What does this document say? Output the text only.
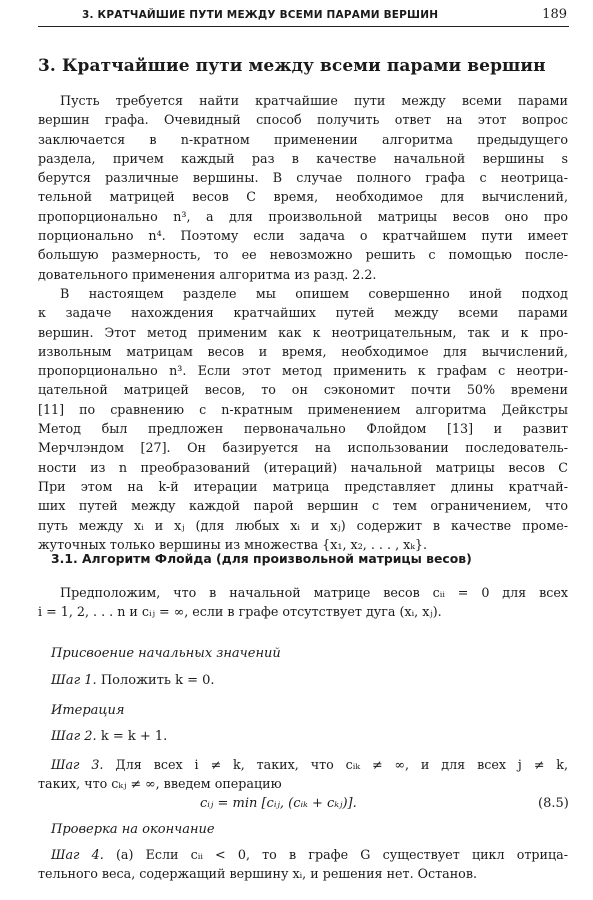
3. КРАТЧАЙШИЕ ПУТИ МЕЖДУ ВСЕМИ ПАРАМИ ВЕРШИН	189
3. Кратчайшие пути между всеми парами вершин

Пусть требуется найти кратчайшие пути между всеми парами
вершин графа. Очевидный способ получить ответ на этот вопрос
заключается в n-кратном применении алгоритма предыдущего
раздела, причем каждый раз в качестве начальной вершины s
берутся различные вершины. В случае полного графа с неотрица-
тельной матрицей весов C время, необходимое для вычислений,
пропорционально n³, а для произвольной матрицы весов оно про
порционально n⁴. Поэтому если задача о кратчайшем пути имеет
большую размерность, то ее невозможно решить с помощью после-
довательного применения алгоритма из разд. 2.2.

В настоящем разделе мы опишем совершенно иной подход
к задаче нахождения кратчайших путей между всеми парами
вершин. Этот метод применим как к неотрицательным, так и к про-
извольным матрицам весов и время, необходимое для вычислений,
пропорционально n³. Если этот метод применить к графам с неотри-
цательной матрицей весов, то он сэкономит почти 50% времени
[11] по сравнению с n-кратным применением алгоритма Дейкстры
Метод был предложен первоначально Флойдом [13] и развит
Мерчлэндом [27]. Он базируется на использовании последователь-
ности из n преобразований (итераций) начальной матрицы весов C
При этом на k-й итерации матрица представляет длины кратчай-
ших путей между каждой парой вершин с тем ограничением, что
путь между xᵢ и xⱼ (для любых xᵢ и xⱼ) содержит в качестве проме-
жуточных только вершины из множества {x₁, x₂, . . . , xₖ}.

3.1. Алгоритм Флойда (для произвольной матрицы весов)

Предположим, что в начальной матрице весов cᵢᵢ = 0 для всех
i = 1, 2, . . . n и cᵢⱼ = ∞, если в графе отсутствует дуга (xᵢ, xⱼ).

Присвоение начальных значений
Шаг 1. Положить k = 0.
Итерация
Шаг 2. k = k + 1.
Шаг 3. Для всех i ≠ k, таких, что cᵢₖ ≠ ∞, и для всех j ≠ k,
таких, что cₖⱼ ≠ ∞, введем операцию
cᵢⱼ = min [cᵢⱼ, (cᵢₖ + cₖⱼ)].	(8.5)
Проверка на окончание
Шаг 4. (а) Если cᵢᵢ < 0, то в графе G существует цикл отрица-
тельного веса, содержащий вершину xᵢ, и решения нет. Останов.
